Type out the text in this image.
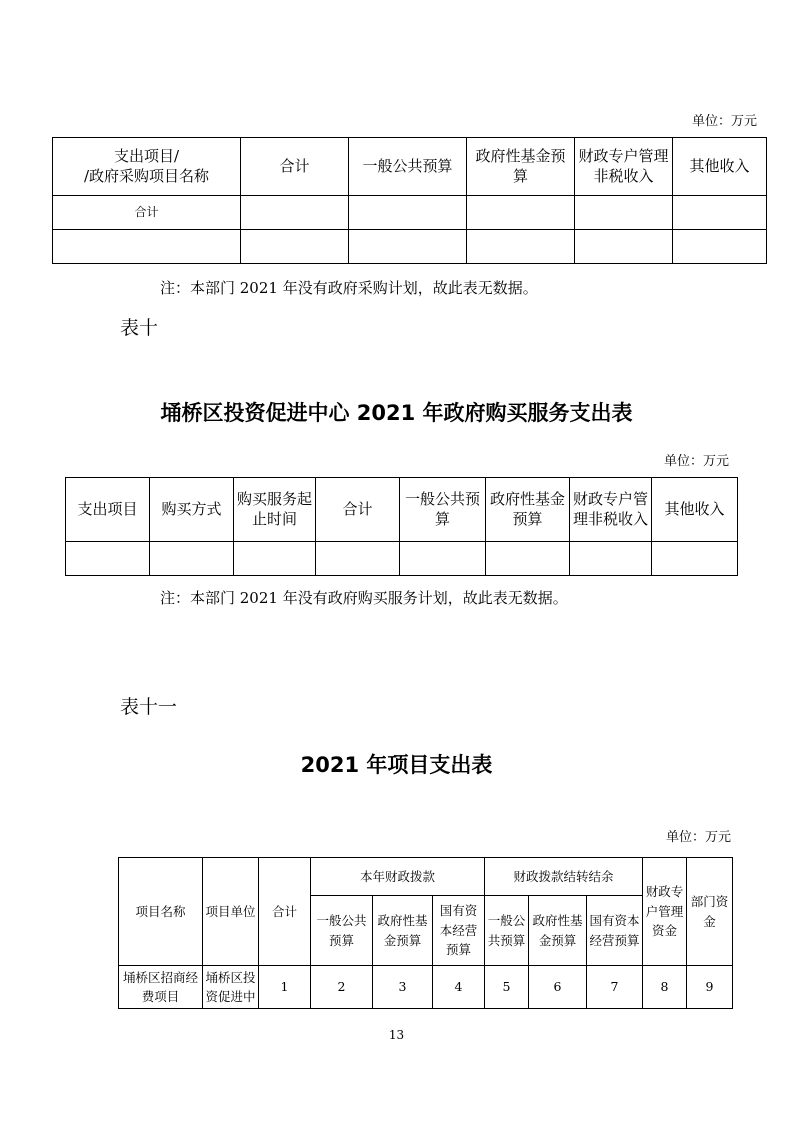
单位：万元
支出项目/
/政府采购项目名称	合计	一般公共预算	政府性基金预算	财政专户管理非税收入	其他收入
合计					

注：本部门 2021 年没有政府采购计划，故此表无数据。
表十
埇桥区投资促进中心 2021 年政府购买服务支出表
单位：万元
支出项目	购买方式	购买服务起止时间	合计	一般公共预算	政府性基金预算	财政专户管理非税收入	其他收入

注：本部门 2021 年没有政府购买服务计划，故此表无数据。
表十一
2021 年项目支出表
单位：万元
项目名称	项目单位	合计	本年财政拨款			财政拨款结转结余			财政专户管理资金	部门资金
			一般公共预算	政府性基金预算	国有资本经营预算	一般公共预算	政府性基金预算	国有资本经营预算		
埇桥区招商经费项目	埇桥区投资促进中	1	2	3	4	5	6	7	8	9
13
